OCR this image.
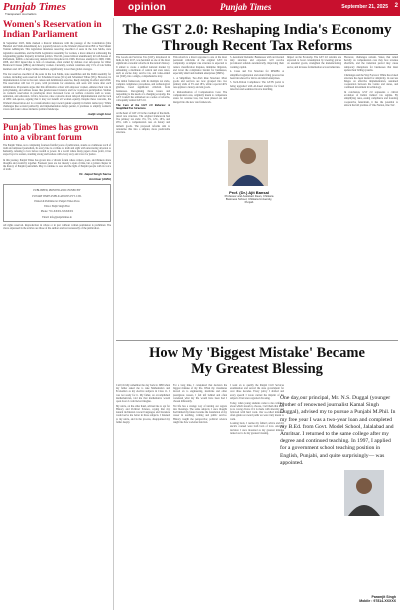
Punjab Times
Transparent Journalism
opinion	Punjab Times	September 21, 2025 2
Women's Reservation in Indian Parliament
In September 2023, India marked a historic milestone with the passage of the Constitution (One Hundred and Sixth Amendment) Act, popularly known as the Women's Reservation Bill or Nari Shakti Vandan Adhiniyam. This legislation mandates reserving one-third of seats in the Lok Sabha, state legislative assemblies, and the Delhi Legislative Assembly for women, a move aimed at addressing the longstanding gender disparity in Indian politics. The bill, passed almost unanimously in both houses of Parliament, fulfills a decades-long demand first introduced in 1996. Previous attempts in 1998, 1999, 2008, and 2010 lapsed due to lack of consensus, often stalled by debates over sub-quotas for Other Backward Classes (OBCs) and minority women. Currently, women constitute only 15% of Lok Sabha members and 14% of Rajya Sabha members, significantly lower than global averages.
The law reserves one-third of the seats in the Lok Sabha, state assemblies and the Delhi assembly for women, including seats reserved for Scheduled Castes (SCs) and Scheduled Tribes (STs). However, its implementation is tied to the next census and delimitation exercise, likely delaying its effect until 2029. The reservation will last 15 years, with provisions for extension, and seats will rotate after each delimitation. Proponents argue that this affirmative action will empower women, enhance their role in policymaking, and address issues like gender-based violence and low workforce participation. Studies on women's reservation in panchayats show increased focus on welfare concerns such as water, sanitation, and education. Critics, however, raise concerns about delayed implementation and the lack of OBC sub-quotas, arguing that it may not benefit all women equally. Despite these concerns, the Women's Reservation Act is a transformative step toward gender equality in India's democracy. While challenges like societal patriarchy and implementation delays persist, it promises to amplify women's voices and foster a more inclusive political landscape.
-baljit singh brar
Punjab Times has grown into a vibrant forum
The Punjab Times, now completing fourteen fruitful years of publication, stands as a luminous torch of truth and unbiased journalism. Its every line is a tribute to truth and sight with unwavering devotion to humanity, refusing to bow before wealth or power. In a world where many papers chase profit, it has stayed loyal to readers, standing strong and fearless with every story and voice for justice.
In this journey, Punjab Times has grown into a vibrant forum where writers, poets, and thinkers share thoughts and creativity together. Fourteen years are not merely a span of time, but a golden chapter in the history of Punjabi journalism. May it continue to soar and the light of Punjabi people with its voice of truth.
Dr. Jaipal Singh Sarna
Amritsar (AMA)
PUBLISHED, PRINTED AND OWNED BY
PUNJAB TIMES PUBLICATIONS PVT. LTD.
Printed & Published at: Punjab Times Press
Editor: Baljit Singh Brar
Phone: +91-XXXX-XXXXXX
Email: info@punjabtimes.in
All rights reserved. Reproduction in whole or in part without written permission is prohibited. The views expressed in the articles are those of the authors and not necessarily of the publication.
The GST 2.0: Reshaping India's Economy
Through Recent Tax Reforms
The Goods and Services Tax (GST), introduced in India in July 2017, was heralded as one of the most significant economic reforms in the nation's history. It aimed to create a unified national market by subsuming a multitude of central and state taxes, such as excise duty, service tax, and value-added tax (VAT), into a single, comprehensive levy.
The initial framework, with its multiple tax slabs, complex compliance procedures, and technological glitches, faced significant criticism from businesses. Recognising these issues and responding to the needs of a changing economy, the GST Council has embarked on a series of reforms, colloquially termed GST 2.0.
The Core of the GST 2.0 Reforms: A Simplified Tax Structure.
At the heart of GST 2.0 is the overhaul of the multi-tiered rate structure. The original framework had five primary tax slabs: 0%, 5%, 12%, 18%, and 28%, with a compensation cess on luxury and demerit goods. The proposed reforms aim to rationalise this into a simpler, more predictable structure.
This reform is a direct response to one of the most persistent criticisms of the original GST: its complexity. A simpler rate structure is expected to reduce classification disputes, minimise litigation, and lower the compliance burden for businesses, especially small and medium enterprises (SMEs).
1. A Simplified, Two-Slab Rate Structure: Most goods and services are now grouped into two primary slabs of 5% and 18%, while a special 40% rate applies to luxury and sin goods.
2. Rationalisation of Compensation Cess: The compensation cess, originally meant to compensate states for revenue loss, has been phased out and merged into the new rate framework.
3. Automatic Refunds: Businesses with an inverted duty structure and exporters will receive provisional refunds automatically, improving their working capital.
4. Cases and Tax Structure for MSMEs: A simplified registration and return filing process has been introduced for micro and small enterprises.
5. Tech-Driven Compliance: The GSTN portal is being upgraded with AI-based analytics for fraud detection and seamless invoice matching.
Impact on the Economy. The GST 2.0 reforms are expected to boost consumption by lowering prices on essential goods, strengthen the manufacturing sector, and increase formalisation across industries.
However, challenges remain. States that relied heavily on compensation cess may face revenue shortfalls, and the transition period may cause temporary disruptions for businesses that must update their billing systems.
Challenges and the Way Forward. While the revised structure has been lauded for simplicity, its success hinges on effective implementation, sustained cooperation between the Centre and states, and continued investment in technology.
In conclusion, GST 2.0 represents a critical evolution of India's indirect tax regime. By simplifying rates, easing compliance and fostering cooperative federalism, it has the potential to unlock the full promise of 'One Nation, One Tax'.
Prof. (Dr.) Ajit Bansal
Professor and Assistant Dean, Chitkara Business School, Chitkara University, Punjab
How My 'Biggest Mistake' Became
My Greatest Blessing
I still vividly remember the day back in 1988 when my father asked me to take Mathematics and Economics as my elective subjects in Class 11. I was not ready for it. My father, an accomplished mathematician, told me that mathematics would open doors I could never imagine.
My uncle, on the other hand, advised me to opt for History and Political Science, saying that my natural inclination toward languages and literature would serve me better in those subjects. I listened to my uncle, and in the process, disappointed my father deeply.
For a long time, I considered that decision the biggest mistake of my life. When my classmates moved on to engineering, medicine and other prestigious careers, I felt left behind and often wondered what my life would have been had I chosen differently.
Yet life has a strange way of turning our regrets into blessings. The same subjects I once thought had limited my future became the foundation of my career in teaching, writing and public service. History taught me perspective; political science taught me how societies function.
I went on to qualify the Punjab Civil Services examination and served the state government for over three decades. Every policy I drafted and every speech I wrote carried the imprint of the subjects I had once regretted choosing.
Today, when young students come to me confused about which stream to choose, I tell them that there is no wrong choice if it is made with sincerity and followed with hard work. Our so-called mistakes often guide us toward paths we were truly meant to walk.
Looking back, I realise my father's advice and my uncle's counsel were both born of love. And the decision I once mourned as my greatest mistake turned out to be my greatest blessing.
One day,our principal, Mr. N.S. Duggal (younger brother of renowned journalist Kamal Singh Duggal), advised my to pursue a Punjabi M.Phil. In my free year I was a two-year loan and completed my B.Ed. from Govt. Model School, Jalalabad and Amritsar. I returned to the same college after my degree and continued teaching. In 1997, I applied for a government school teaching position in English, Punjabi, and quite surprisingly— was appointed.
Paramjit Singh
Mobile : 97814-XXXXX
